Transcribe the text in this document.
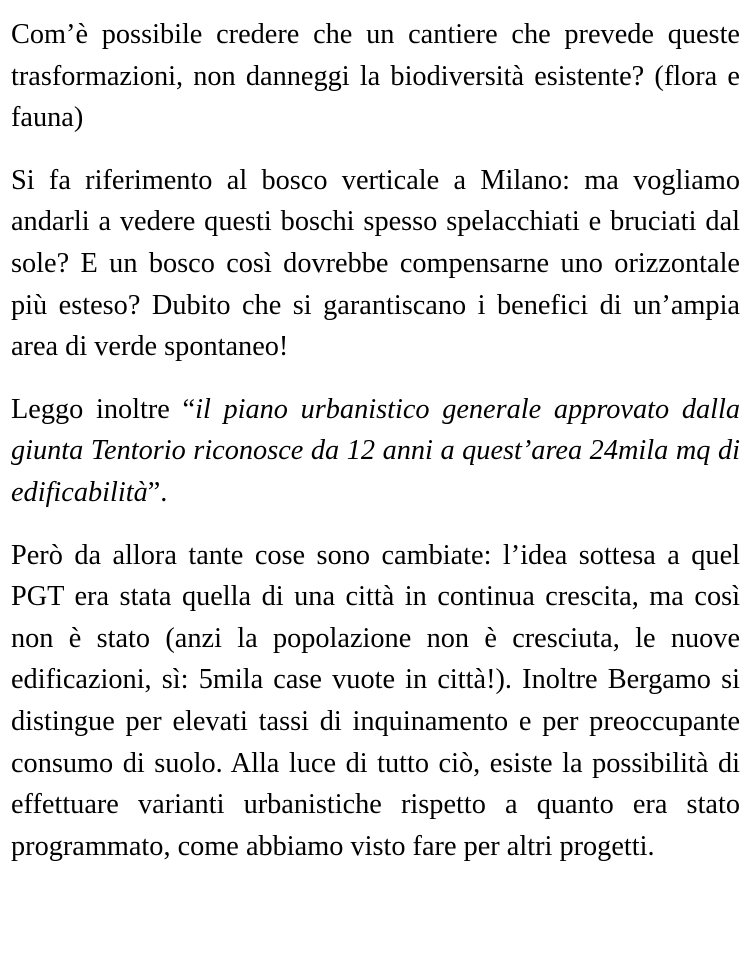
Com’è possibile credere che un cantiere che prevede queste trasformazioni, non danneggi la biodiversità esistente? (flora e fauna)

Si fa riferimento al bosco verticale a Milano: ma vogliamo andarli a vedere questi boschi spesso spelacchiati e bruciati dal sole? E un bosco così dovrebbe compensarne uno orizzontale più esteso? Dubito che si garantiscano i benefici di un’ampia area di verde spontaneo!

Leggo inoltre “il piano urbanistico generale approvato dalla giunta Tentorio riconosce da 12 anni a quest’area 24mila mq di edificabilità”.

Però da allora tante cose sono cambiate: l’idea sottesa a quel PGT era stata quella di una città in continua crescita, ma così non è stato (anzi la popolazione non è cresciuta, le nuove edificazioni, sì: 5mila case vuote in città!). Inoltre Bergamo si distingue per elevati tassi di inquinamento e per preoccupante consumo di suolo. Alla luce di tutto ciò, esiste la possibilità di effettuare varianti urbanistiche rispetto a quanto era stato programmato, come abbiamo visto fare per altri progetti.
